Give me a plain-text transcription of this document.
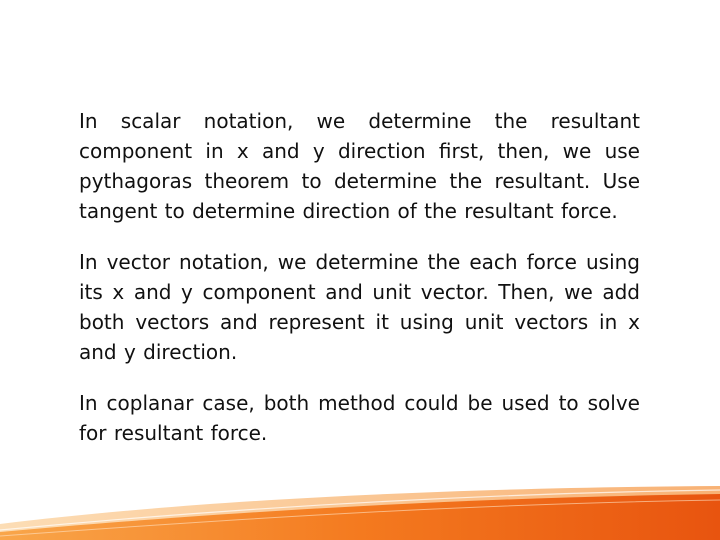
In scalar notation, we determine the resultant component in x and y direction first, then, we use pythagoras theorem to determine the resultant. Use tangent to determine direction of the resultant force.

In vector notation, we determine the each force using its x and y component and unit vector. Then, we add both vectors and represent it using unit vectors in x and y direction.

In coplanar case, both method could be used to solve for resultant force.
